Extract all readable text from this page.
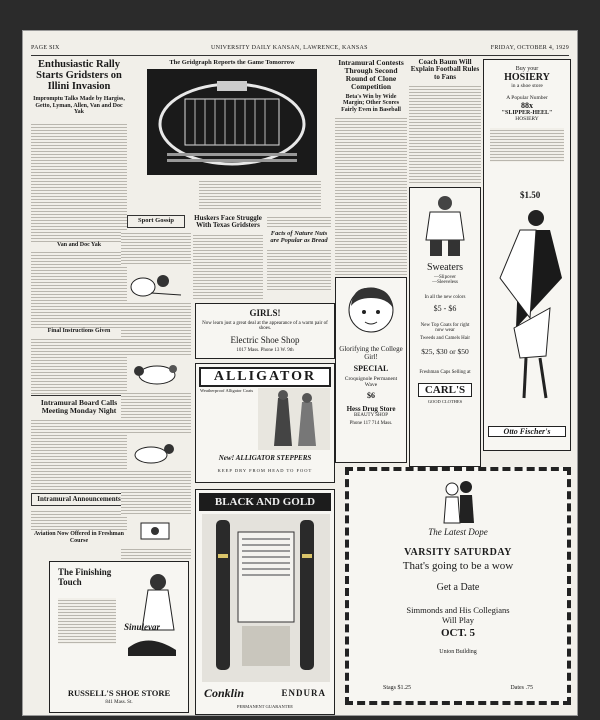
PAGE SIX	UNIVERSITY DAILY KANSAN, LAWRENCE, KANSAS	FRIDAY, OCTOBER 4, 1929
Enthusiastic Rally Starts Gridsters on Illini Invasion
Impromptu Talks Made by Hargiss, Getto, Lyman, Allen, Van and Doc Yak
Van and Doc Yak
Final Instructions Given
Intramural Board Calls Meeting Monday Night
Intramural Announcements
Aviation Now Offered in Freshman Course
The Gridgraph Reports the Game Tomorrow
Sport Gossip	Huskers Face Struggle With Texas Gridsters
Facts of Nature Nuts are Popular as Bread
GIRLS!
Now learn just a great deal at the appearance of a warm pair of shoes.
Electric Shoe Shop
1017 Mass. Phone 13 W. 9th
ALLIGATOR
Weatherproof Alligator Coats
New! ALLIGATOR STEPPERS
KEEP DRY FROM HEAD TO FOOT
BLACK AND GOLD
Conklin	ENDURA
PERMANENT GUARANTEE
The Finishing Touch
Sinulevar
RUSSELL'S SHOE STORE
841 Mass. St.
Intramural Contests Through Second Round of Clone Competition
Beta's Win by Wide Margin; Other Scores Fairly Even in Baseball
Glorifying the College Girl!
SPECIAL
Croquignole Permanent Wave
$6
Hess Drug Store
BEAUTY SHOP
Phone 117 714 Mass.
Coach Baum Will Explain Football Rules to Fans
Sweaters
—Slipover
—Sleeveless
In all the new colors
$5 - $6
New Top Coats for right now wear
Tweeds and Camels Hair
$25, $30 or $50
Freshman Caps Selling at
CARL'S
GOOD CLOTHES
Buy your
HOSIERY
in a shoe store
A Popular Number
88x
"SLIPPER-HEEL"
HOSIERY
$1.50
Otto Fischer's
The Latest Dope
VARSITY SATURDAY
That's going to be a wow
Get a Date
Simmonds and His Collegians
Will Play
OCT. 5
Union Building
Stags $1.25	Dates .75
